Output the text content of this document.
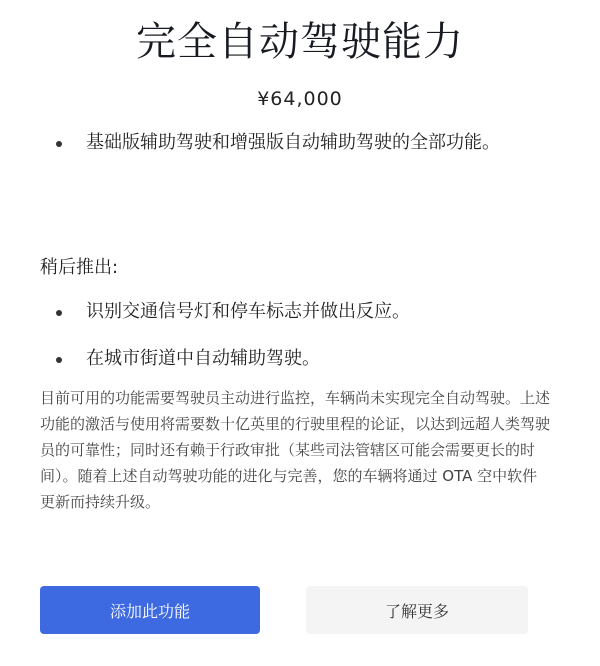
完全自动驾驶能力
¥64,000
基础版辅助驾驶和增强版自动辅助驾驶的全部功能。
稍后推出:
识别交通信号灯和停车标志并做出反应。
在城市街道中自动辅助驾驶。

目前可用的功能需要驾驶员主动进行监控，车辆尚未实现完全自动驾驶。上述功能的激活与使用将需要数十亿英里的行驶里程的论证，以达到远超人类驾驶员的可靠性；同时还有赖于行政审批（某些司法管辖区可能会需要更长的时间）。随着上述自动驾驶功能的进化与完善，您的车辆将通过 OTA 空中软件更新而持续升级。

添加此功能	了解更多
